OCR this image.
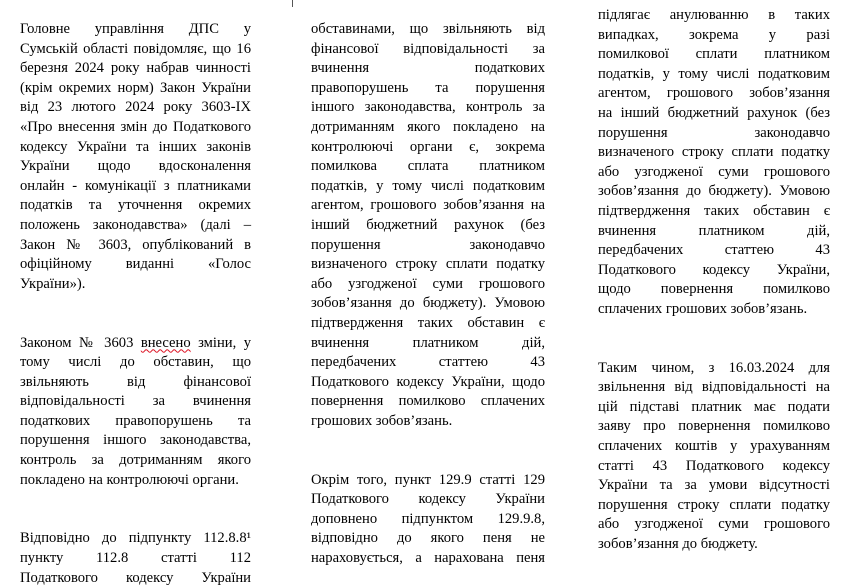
Головне управління ДПС у
Сумській області повідомляє, що 16
березня 2024 року набрав чинності
(крім окремих норм) Закон України
від 23 лютого 2024 року 3603-IX
«Про внесення змін до Податкового
кодексу України та інших законів
України щодо вдосконалення
онлайн - комунікації з платниками
податків та уточнення окремих
положень законодавства» (далі –
Закон № 3603, опублікований в
офіційному виданні «Голос
України»).
Законом № 3603 внесено зміни, у
тому числі до обставин, що
звільняють від фінансової
відповідальності за вчинення
податкових правопорушень та
порушення іншого законодавства,
контроль за дотриманням якого
покладено на контролюючі органи.
Відповідно до підпункту 112.8.8¹
пункту 112.8 статті 112
Податкового кодексу України
обставинами, що звільняють від
фінансової відповідальності за
вчинення податкових
правопорушень та порушення
іншого законодавства, контроль за
дотриманням якого покладено на
контролюючі органи є, зокрема
помилкова сплата платником
податків, у тому числі податковим
агентом, грошового зобов’язання на
інший бюджетний рахунок (без
порушення законодавчо
визначеного строку сплати податку
або узгодженої суми грошового
зобов’язання до бюджету). Умовою
підтвердження таких обставин є
вчинення платником дій,
передбачених статтею 43
Податкового кодексу України, щодо
повернення помилково сплачених
грошових зобов’язань.
Окрім того, пункт 129.9 статті 129
Податкового кодексу України
доповнено підпунктом 129.9.8,
відповідно до якого пеня не
нараховується, а нарахована пеня
підлягає анулюванню в таких
випадках, зокрема у разі
помилкової сплати платником
податків, у тому числі податковим
агентом, грошового зобов’язання
на інший бюджетний рахунок (без
порушення законодавчо
визначеного строку сплати податку
або узгодженої суми грошового
зобов’язання до бюджету). Умовою
підтвердження таких обставин є
вчинення платником дій,
передбачених статтею 43
Податкового кодексу України,
щодо повернення помилково
сплачених грошових зобов’язань.
Таким чином, з 16.03.2024 для
звільнення від відповідальності на
цій підставі платник має подати
заяву про повернення помилково
сплачених коштів у урахуванням
статті 43 Податкового кодексу
України та за умови відсутності
порушення строку сплати податку
або узгодженої суми грошового
зобов’язання до бюджету.
